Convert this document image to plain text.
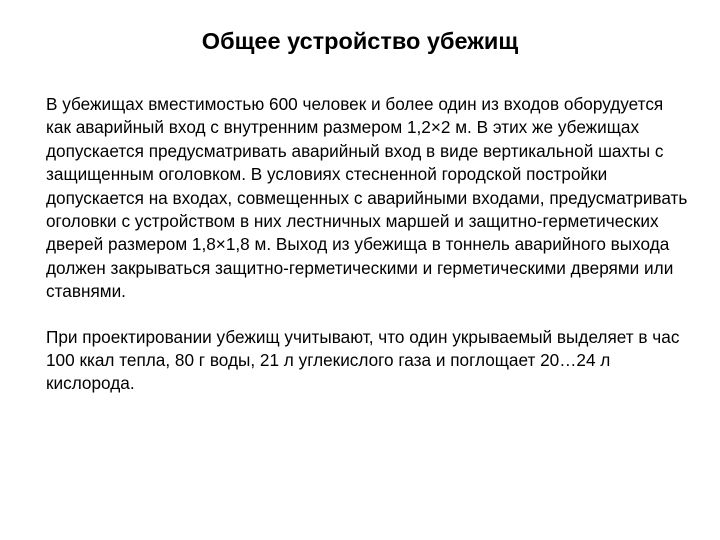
Общее устройство убежищ

В убежищах вместимостью 600 человек и более один из входов оборудуется как аварийный вход с внутренним размером 1,2×2 м. В этих же убежищах допускается предусматривать аварийный вход в виде вертикальной шахты с защищенным оголовком. В условиях стесненной городской постройки допускается на входах, совмещенных с аварийными входами, предусматривать оголовки с устройством в них лестничных маршей и защитно-герметических дверей размером 1,8×1,8 м. Выход из убежища в тоннель аварийного выхода должен закрываться защитно-герметическими и герметическими дверями или ставнями.

При проектировании убежищ учитывают, что один укрываемый выделяет в час 100 ккал тепла, 80 г воды, 21 л углекислого газа и поглощает 20…24 л кислорода.
